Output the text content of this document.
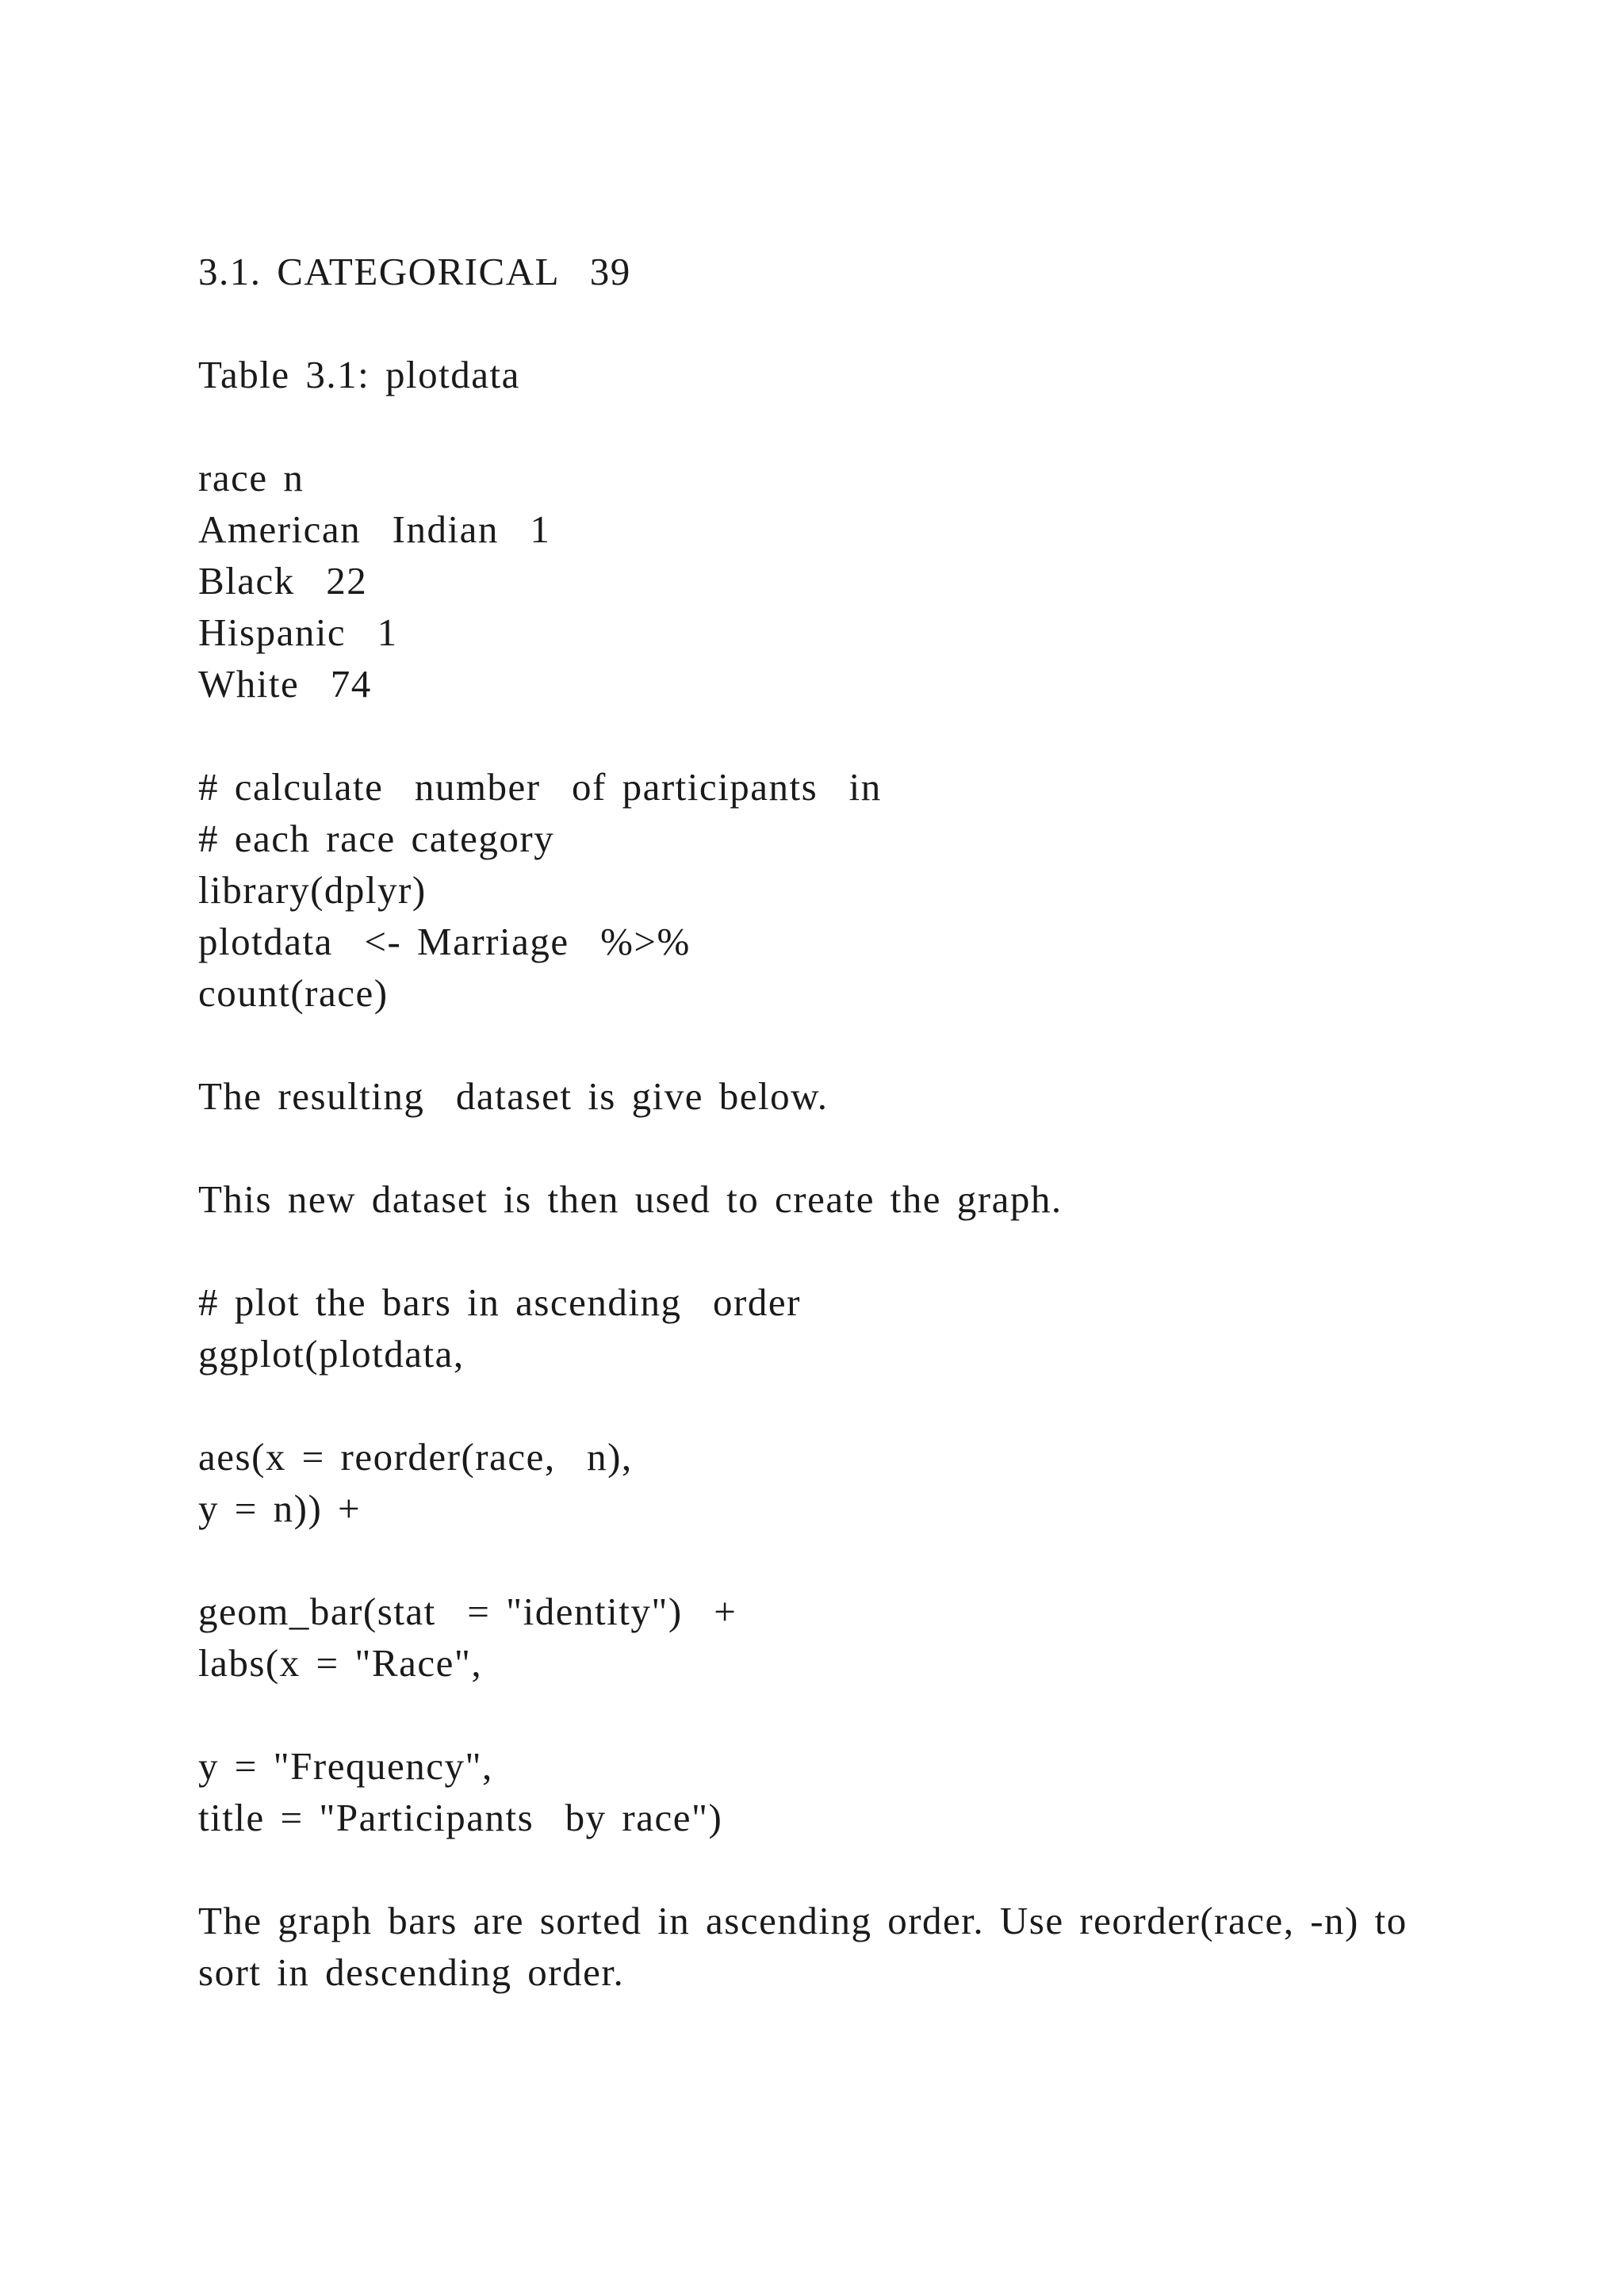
3.1. CATEGORICAL  39
Table 3.1: plotdata
race n
American  Indian  1
Black  22
Hispanic  1
White  74
# calculate  number  of participants  in
# each race category
library(dplyr)
plotdata  <- Marriage  %>%
count(race)
The resulting  dataset is give below.
This new dataset is then used to create the graph.
# plot the bars in ascending  order
ggplot(plotdata,
aes(x = reorder(race,  n),
y = n)) +
geom_bar(stat  = "identity")  +
labs(x = "Race",
y = "Frequency",
title = "Participants  by race")
The graph bars are sorted in ascending order. Use reorder(race, -n) to sort in descending order.
